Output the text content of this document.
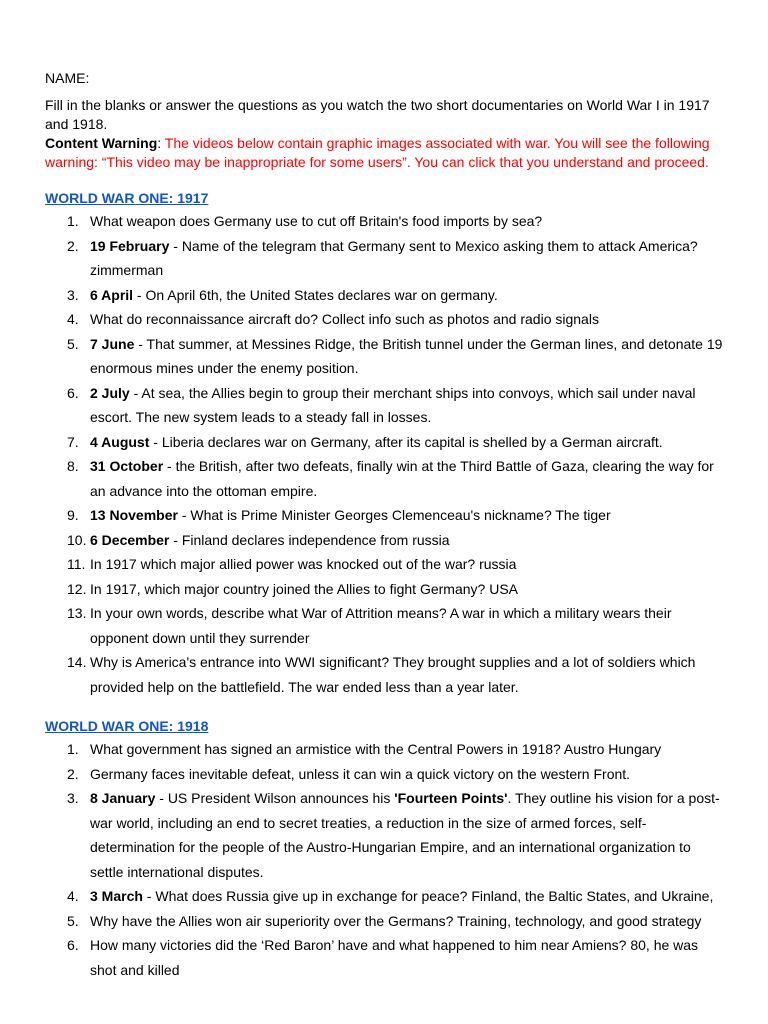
NAME:
Fill in the blanks or answer the questions as you watch the two short documentaries on World War I in 1917 and 1918.
Content Warning: The videos below contain graphic images associated with war. You will see the following warning: “This video may be inappropriate for some users”. You can click that you understand and proceed.
WORLD WAR ONE: 1917
1. What weapon does Germany use to cut off Britain's food imports by sea?
2. 19 February - Name of the telegram that Germany sent to Mexico asking them to attack America? zimmerman
3. 6 April - On April 6th, the United States declares war on germany.
4. What do reconnaissance aircraft do? Collect info such as photos and radio signals
5. 7 June - That summer, at Messines Ridge, the British tunnel under the German lines, and detonate 19 enormous mines under the enemy position.
6. 2 July - At sea, the Allies begin to group their merchant ships into convoys, which sail under naval escort. The new system leads to a steady fall in losses.
7. 4 August - Liberia declares war on Germany, after its capital is shelled by a German aircraft.
8. 31 October - the British, after two defeats, finally win at the Third Battle of Gaza, clearing the way for an advance into the ottoman empire.
9. 13 November - What is Prime Minister Georges Clemenceau's nickname? The tiger
10. 6 December - Finland declares independence from russia
11. In 1917 which major allied power was knocked out of the war? russia
12. In 1917, which major country joined the Allies to fight Germany? USA
13. In your own words, describe what War of Attrition means? A war in which a military wears their opponent down until they surrender
14. Why is America's entrance into WWI significant? They brought supplies and a lot of soldiers which provided help on the battlefield. The war ended less than a year later.
WORLD WAR ONE: 1918
1. What government has signed an armistice with the Central Powers in 1918? Austro Hungary
2. Germany faces inevitable defeat, unless it can win a quick victory on the western Front.
3. 8 January - US President Wilson announces his 'Fourteen Points'. They outline his vision for a post-war world, including an end to secret treaties, a reduction in the size of armed forces, self-determination for the people of the Austro-Hungarian Empire, and an international organization to settle international disputes.
4. 3 March - What does Russia give up in exchange for peace? Finland, the Baltic States, and Ukraine,
5. Why have the Allies won air superiority over the Germans? Training, technology, and good strategy
6. How many victories did the ‘Red Baron’ have and what happened to him near Amiens? 80, he was shot and killed
